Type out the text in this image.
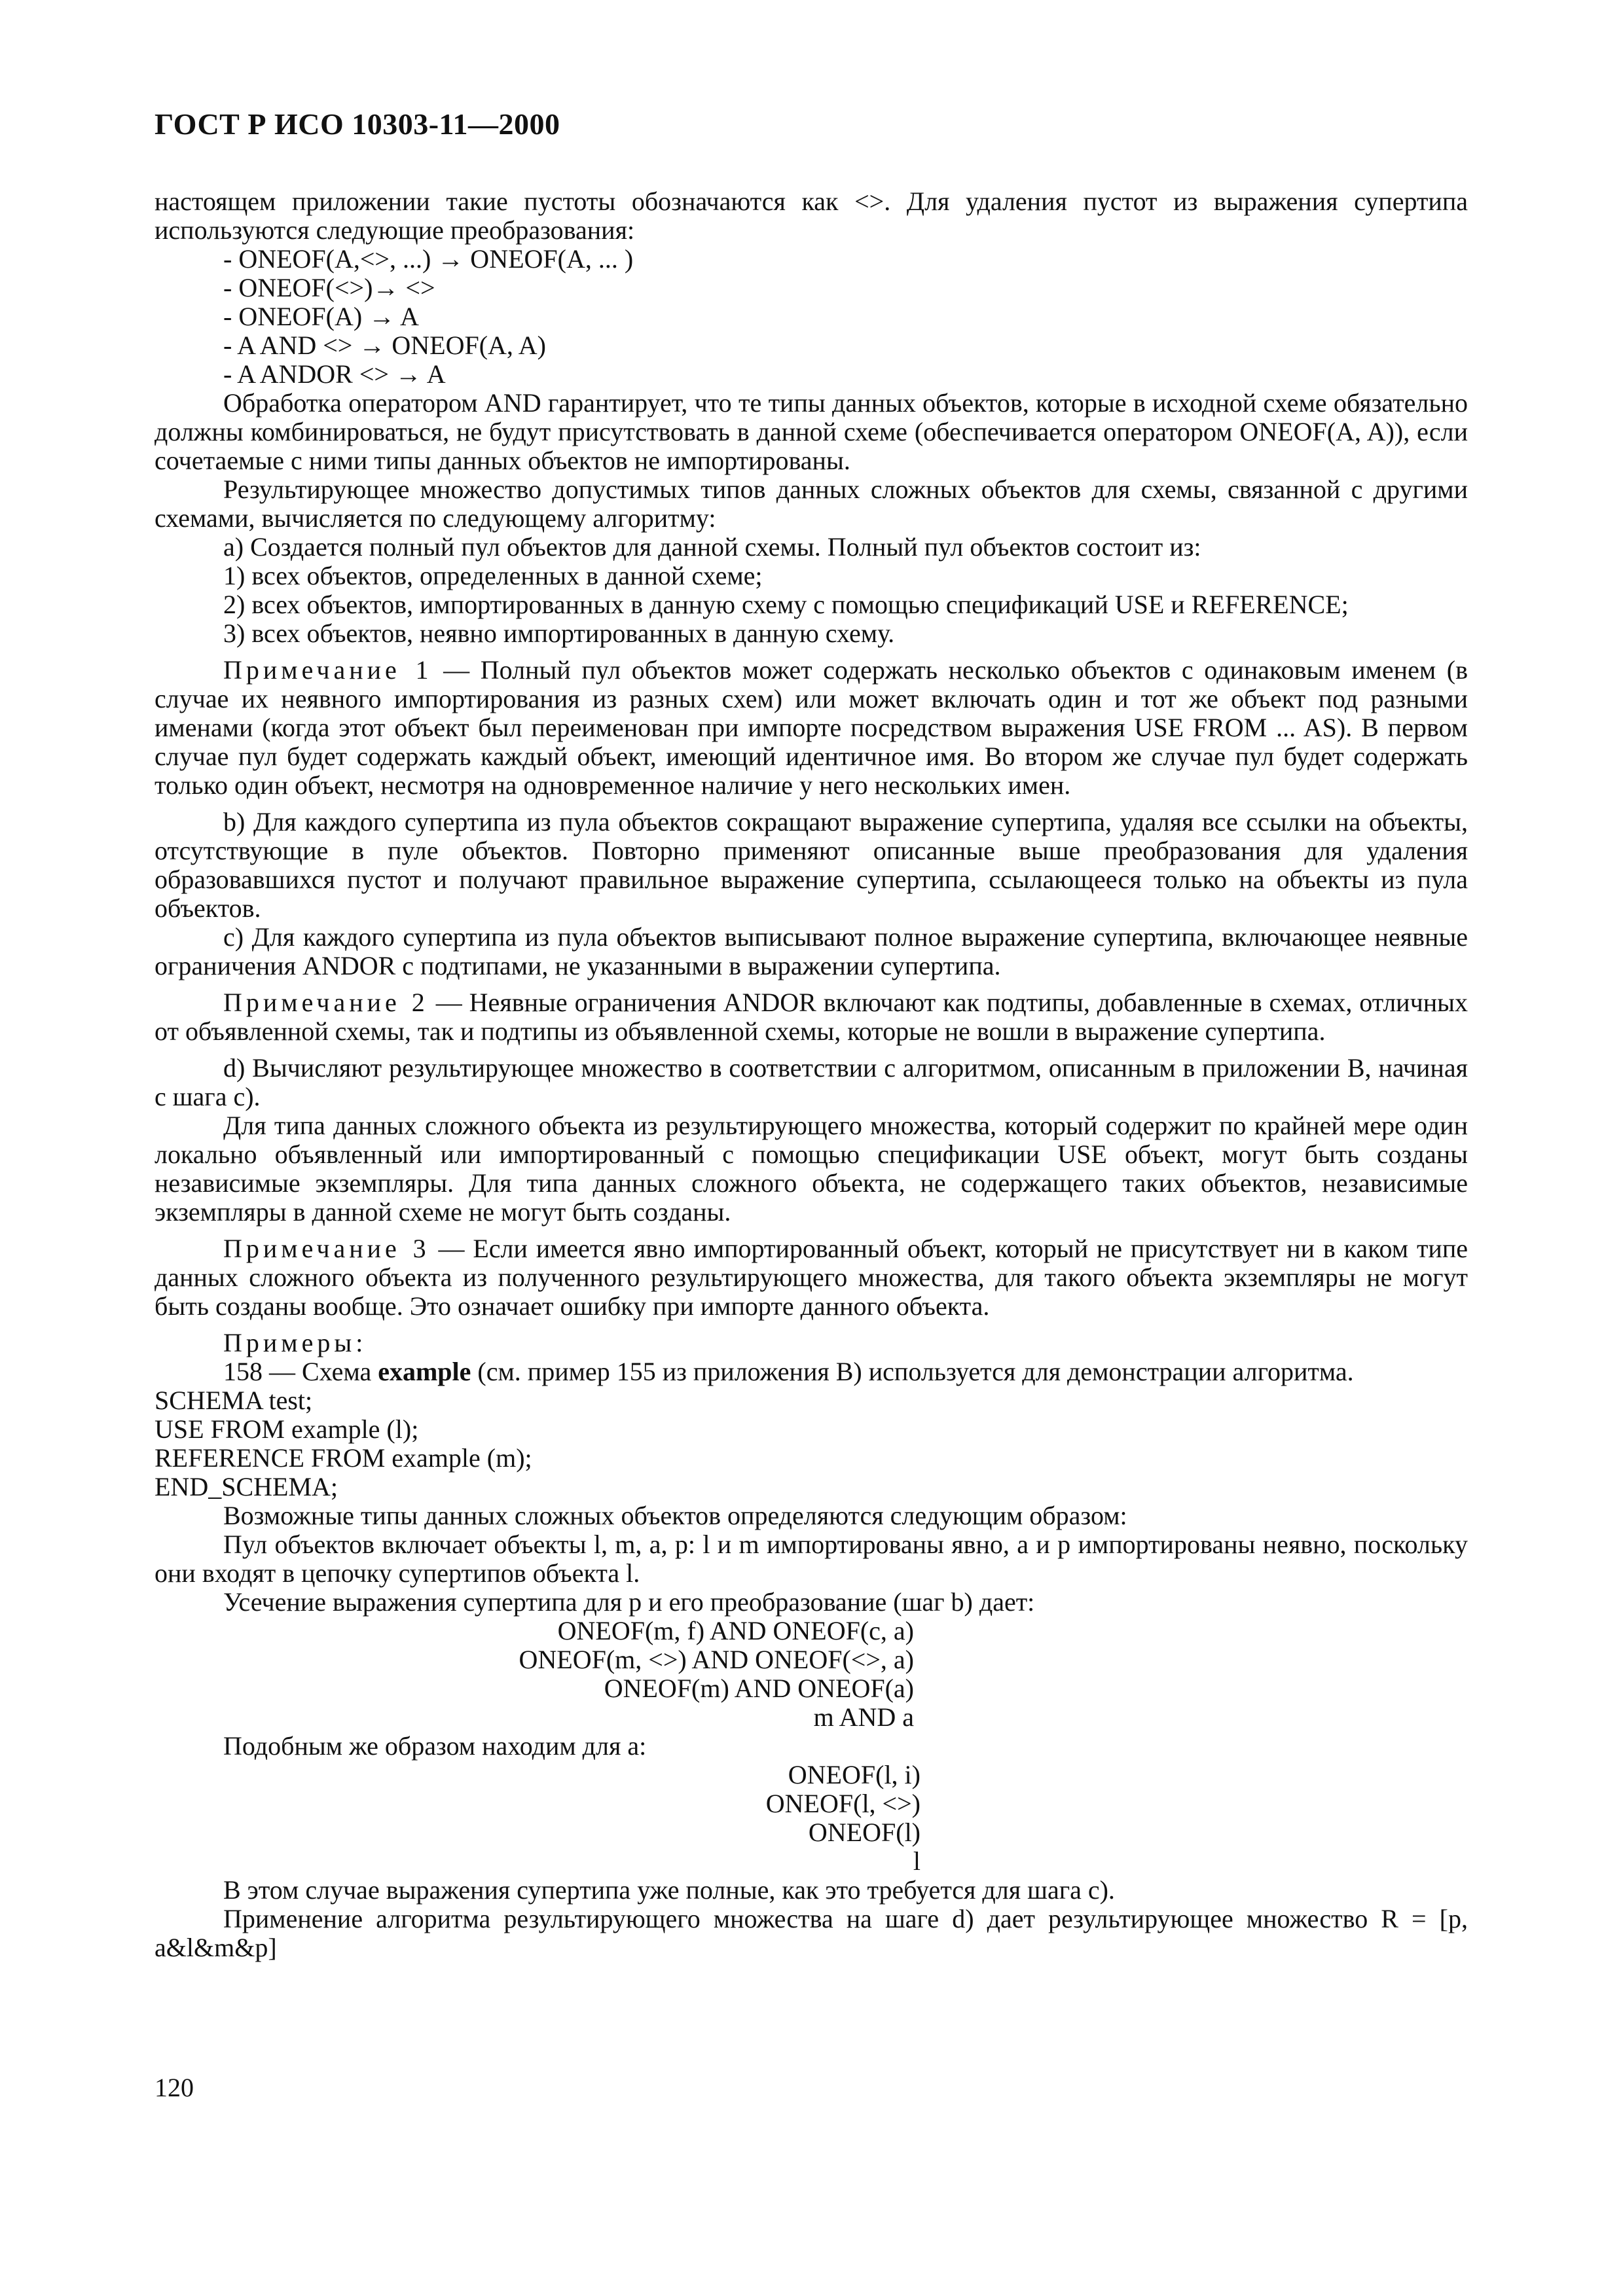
ГОСТ Р ИСО 10303-11—2000

настоящем приложении такие пустоты обозначаются как <>. Для удаления пустот из выражения супертипа используются следующие преобразования:

- ONEOF(A,<>, ...) → ONEOF(A, ... )

- ONEOF(<>)→ <>

- ONEOF(A) → A

- A AND <> → ONEOF(A, A)

- A ANDOR <> → A

Обработка оператором AND гарантирует, что те типы данных объектов, которые в исходной схеме обязательно должны комбинироваться, не будут присутствовать в данной схеме (обеспечивается оператором ONEOF(A, A)), если сочетаемые с ними типы данных объектов не импортированы.

Результирующее множество допустимых типов данных сложных объектов для схемы, связанной с другими схемами, вычисляется по следующему алгоритму:

a) Создается полный пул объектов для данной схемы. Полный пул объектов состоит из:

1) всех объектов, определенных в данной схеме;

2) всех объектов, импортированных в данную схему с помощью спецификаций USE и REFERENCE;

3) всех объектов, неявно импортированных в данную схему.

Примечание 1 — Полный пул объектов может содержать несколько объектов с одинаковым именем (в случае их неявного импортирования из разных схем) или может включать один и тот же объект под разными именами (когда этот объект был переименован при импорте посредством выражения USE FROM ... AS). В первом случае пул будет содержать каждый объект, имеющий идентичное имя. Во втором же случае пул будет содержать только один объект, несмотря на одновременное наличие у него нескольких имен.

b) Для каждого супертипа из пула объектов сокращают выражение супертипа, удаляя все ссылки на объекты, отсутствующие в пуле объектов. Повторно применяют описанные выше преобразования для удаления образовавшихся пустот и получают правильное выражение супертипа, ссылающееся только на объекты из пула объектов.

c) Для каждого супертипа из пула объектов выписывают полное выражение супертипа, включающее неявные ограничения ANDOR с подтипами, не указанными в выражении супертипа.

Примечание 2 — Неявные ограничения ANDOR включают как подтипы, добавленные в схемах, отличных от объявленной схемы, так и подтипы из объявленной схемы, которые не вошли в выражение супертипа.

d) Вычисляют результирующее множество в соответствии с алгоритмом, описанным в приложении B, начиная с шага c).

Для типа данных сложного объекта из результирующего множества, который содержит по крайней мере один локально объявленный или импортированный с помощью спецификации USE объект, могут быть созданы независимые экземпляры. Для типа данных сложного объекта, не содержащего таких объектов, независимые экземпляры в данной схеме не могут быть созданы.

Примечание 3 — Если имеется явно импортированный объект, который не присутствует ни в каком типе данных сложного объекта из полученного результирующего множества, для такого объекта экземпляры не могут быть созданы вообще. Это означает ошибку при импорте данного объекта.

Примеры:

158 — Схема example (см. пример 155 из приложения B) используется для демонстрации алгоритма.

SCHEMA test;

USE FROM example (l);

REFERENCE FROM example (m);

END_SCHEMA;

Возможные типы данных сложных объектов определяются следующим образом:

Пул объектов включает объекты l, m, a, p: l и m импортированы явно, a и p импортированы неявно, поскольку они входят в цепочку супертипов объекта l.

Усечение выражения супертипа для p и его преобразование (шаг b) дает:

ONEOF(m, f) AND ONEOF(c, a)

ONEOF(m, <>) AND ONEOF(<>, a)

ONEOF(m) AND ONEOF(a)

m AND a

Подобным же образом находим для a:

ONEOF(l, i)

ONEOF(l, <>)

ONEOF(l)

l

В этом случае выражения супертипа уже полные, как это требуется для шага c).

Применение алгоритма результирующего множества на шаге d) дает результирующее множество R = [p, a&l&m&p]

120
